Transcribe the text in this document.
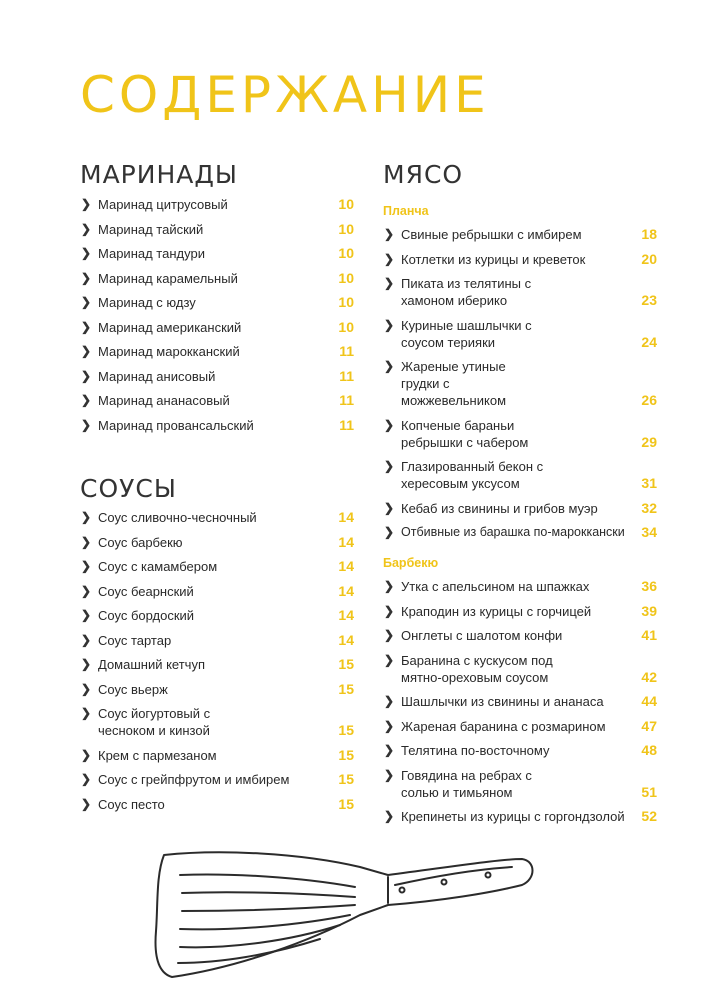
СОДЕРЖАНИЕ
МАРИНАДЫ
❯ Маринад цитрусовый	10
❯ Маринад тайский	10
❯ Маринад тандури	10
❯ Маринад карамельный	10
❯ Маринад с юдзу	10
❯ Маринад американский	10
❯ Маринад марокканский	11
❯ Маринад анисовый	11
❯ Маринад ананасовый	11
❯ Маринад провансальский	11
СОУСЫ
❯ Соус сливочно-чесночный	14
❯ Соус барбекю	14
❯ Соус с камамбером	14
❯ Соус беарнский	14
❯ Соус бордоский	14
❯ Соус тартар	14
❯ Домашний кетчуп	15
❯ Соус вьерж	15
❯ Соус йогуртовый с чесноком и кинзой	15
❯ Крем с пармезаном	15
❯ Соус с грейпфрутом и имбирем	15
❯ Соус песто	15
МЯСО
Планча
❯ Свиные ребрышки с имбирем	18
❯ Котлетки из курицы и креветок	20
❯ Пиката из телятины с хамоном иберико	23
❯ Куриные шашлычки с соусом терияки	24
❯ Жареные утиные грудки с можжевельником	26
❯ Копченые бараньи ребрышки с чабером	29
❯ Глазированный бекон с хересовым уксусом	31
❯ Кебаб из свинины и грибов муэр	32
❯ Отбивные из барашка по-мароккански	34
Барбекю
❯ Утка с апельсином на шпажках	36
❯ Краподин из курицы с горчицей	39
❯ Онглеты с шалотом конфи	41
❯ Баранина с кускусом под мятно-ореховым соусом	42
❯ Шашлычки из свинины и ананаса	44
❯ Жареная баранина с розмарином	47
❯ Телятина по-восточному	48
❯ Говядина на ребрах с солью и тимьяном	51
❯ Крепинеты из курицы с горгондзолой	52
